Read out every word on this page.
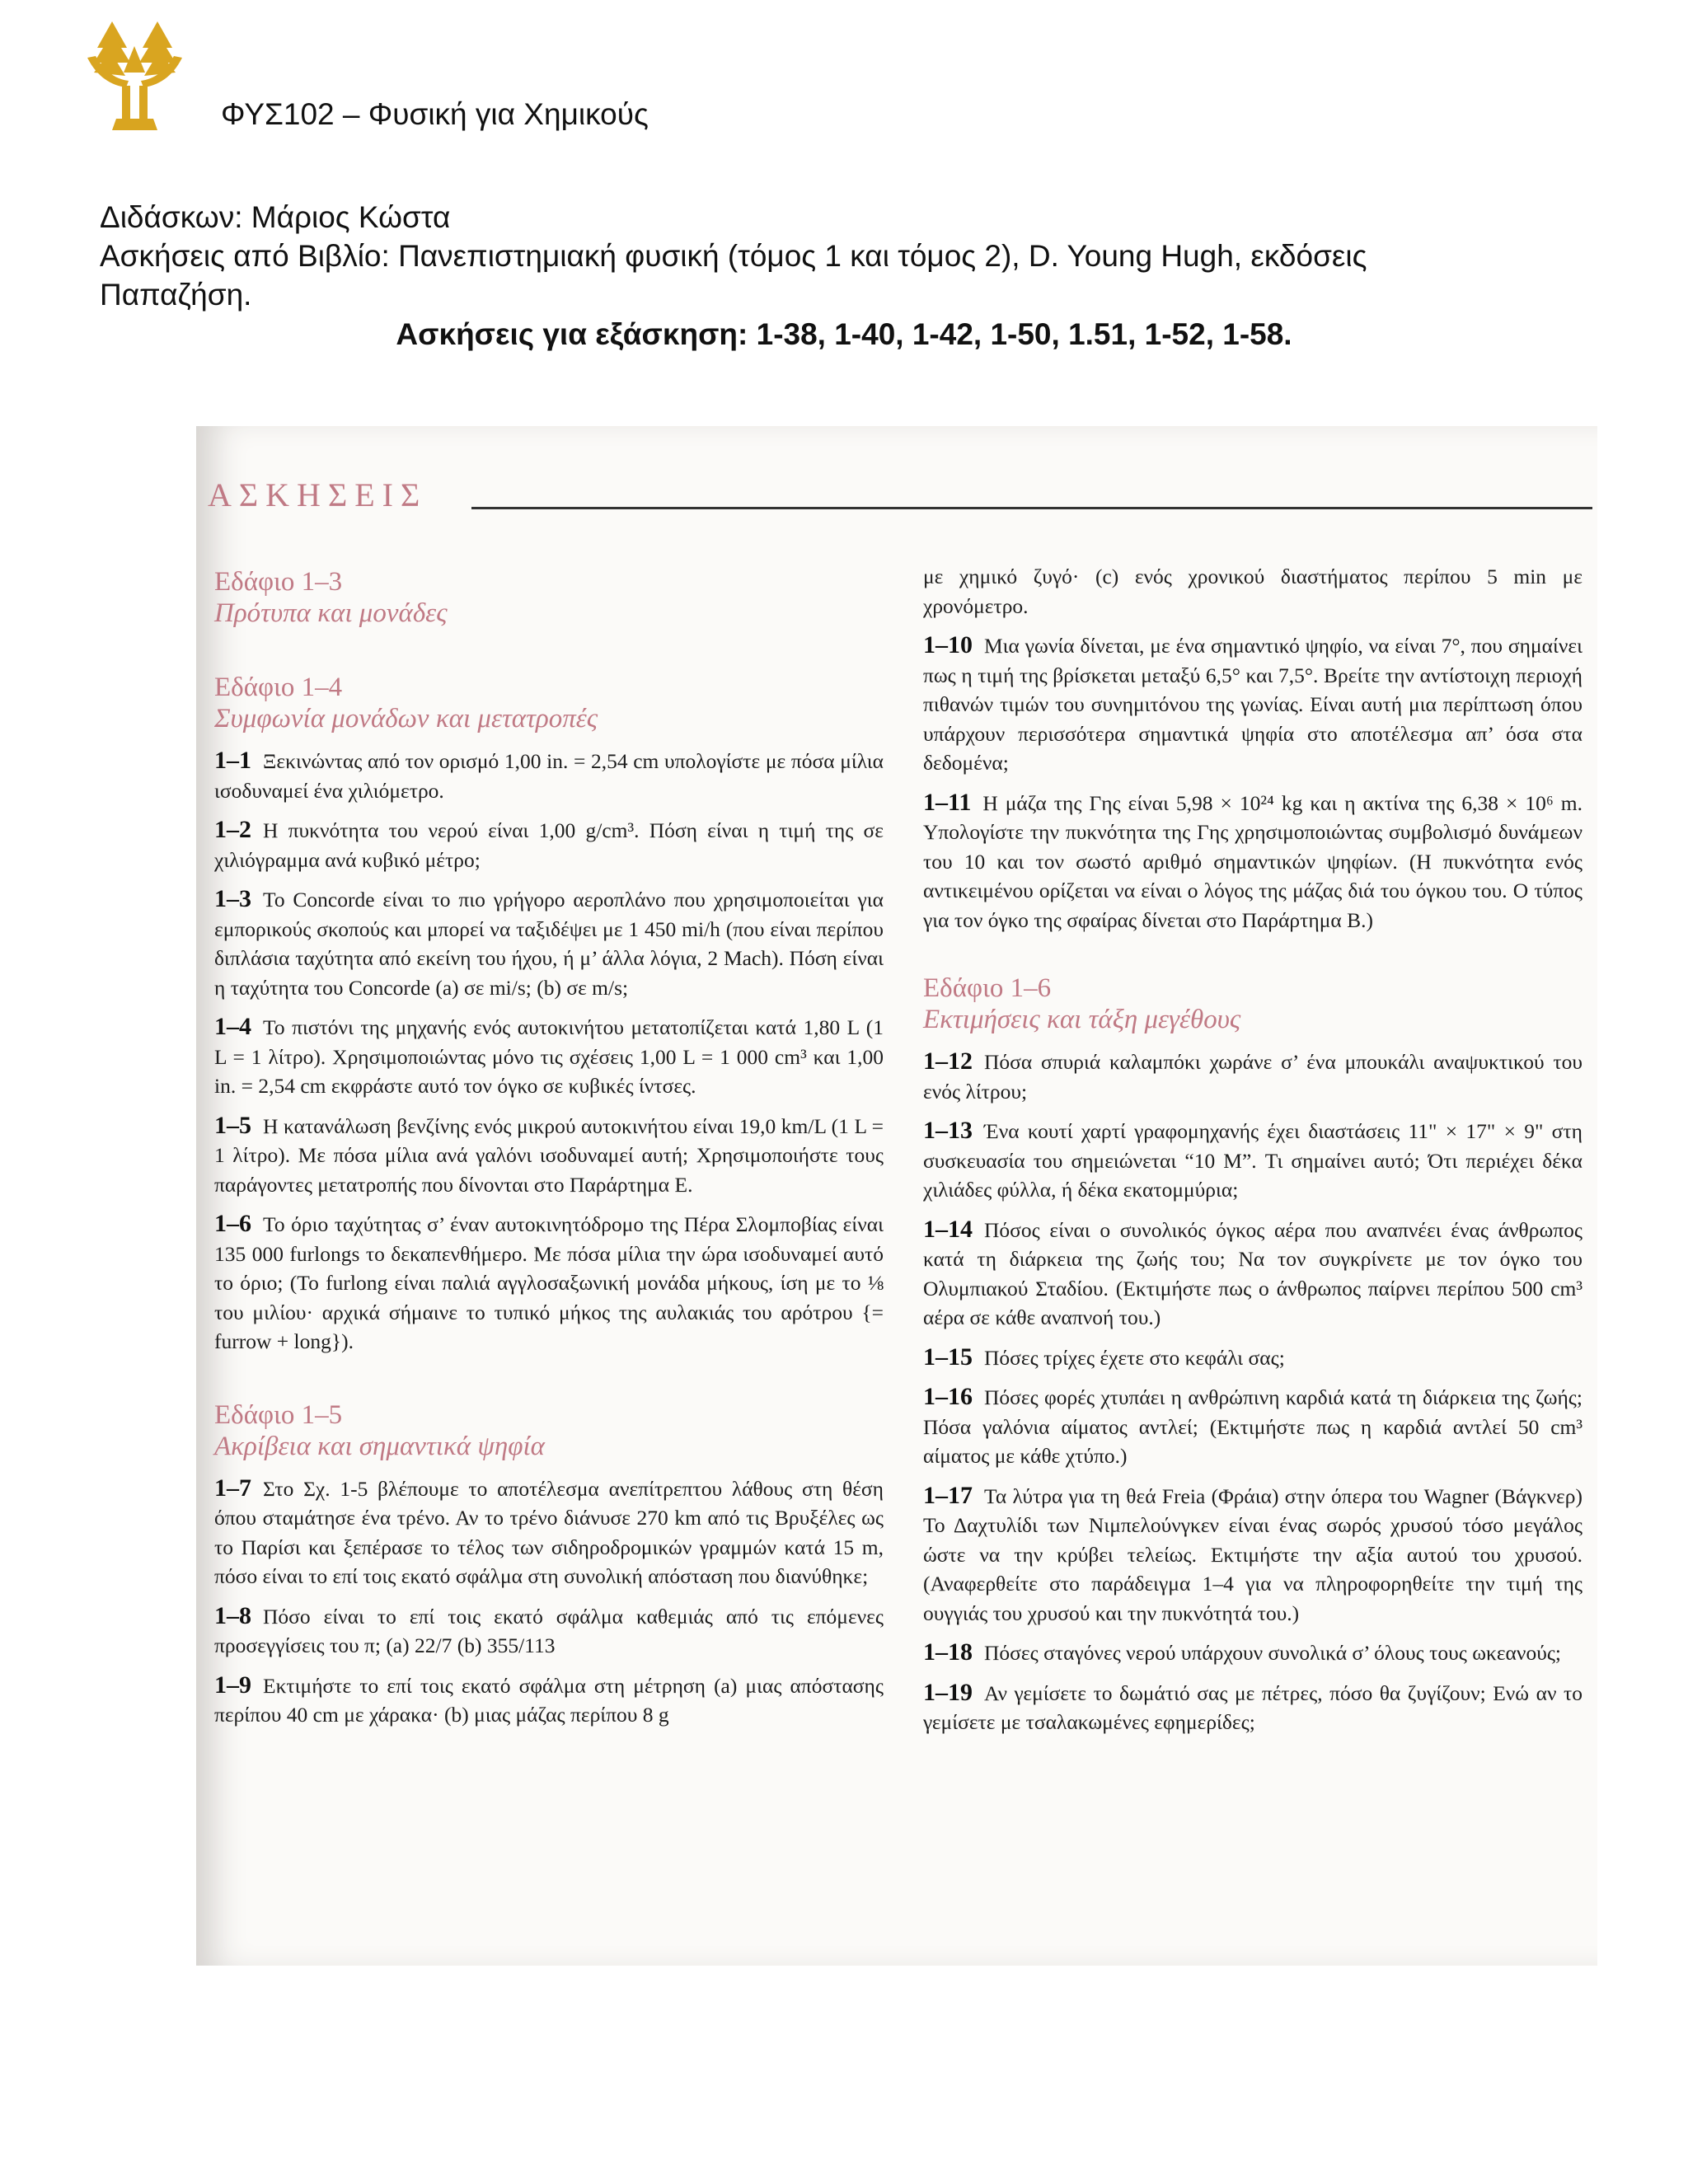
ΦΥΣ102 – Φυσική για Χημικούς
Διδάσκων: Μάριος Κώστα
Ασκήσεις από Βιβλίο: Πανεπιστημιακή φυσική (τόμος 1 και τόμος 2), D. Young Hugh, εκδόσεις
Παπαζήση.
Ασκήσεις για εξάσκηση: 1-38, 1-40, 1-42, 1-50, 1.51, 1-52, 1-58.
ΑΣΚΗΣΕΙΣ
Εδάφιο 1–3
Πρότυπα και μονάδες
Εδάφιο 1–4
Συμφωνία μονάδων και μετατροπές
1–1 Ξεκινώντας από τον ορισμό 1,00 in. = 2,54 cm υπολογίστε με πόσα μίλια ισοδυναμεί ένα χιλιόμετρο.
1–2 Η πυκνότητα του νερού είναι 1,00 g/cm³. Πόση είναι η τιμή της σε χιλιόγραμμα ανά κυβικό μέτρο;
1–3 Το Concorde είναι το πιο γρήγορο αεροπλάνο που χρησιμοποιείται για εμπορικούς σκοπούς και μπορεί να ταξιδέψει με 1 450 mi/h (που είναι περίπου διπλάσια ταχύτητα από εκείνη του ήχου, ή μ’ άλλα λόγια, 2 Mach). Πόση είναι η ταχύτητα του Concorde (a) σε mi/s; (b) σε m/s;
1–4 Το πιστόνι της μηχανής ενός αυτοκινήτου μετατοπίζεται κατά 1,80 L (1 L = 1 λίτρο). Χρησιμοποιώντας μόνο τις σχέσεις 1,00 L = 1 000 cm³ και 1,00 in. = 2,54 cm εκφράστε αυτό τον όγκο σε κυβικές ίντσες.
1–5 Η κατανάλωση βενζίνης ενός μικρού αυτοκινήτου είναι 19,0 km/L (1 L = 1 λίτρο). Με πόσα μίλια ανά γαλόνι ισοδυναμεί αυτή; Χρησιμοποιήστε τους παράγοντες μετατροπής που δίνονται στο Παράρτημα Ε.
1–6 Το όριο ταχύτητας σ’ έναν αυτοκινητόδρομο της Πέρα Σλομποβίας είναι 135 000 furlongs το δεκαπενθήμερο. Με πόσα μίλια την ώρα ισοδυναμεί αυτό το όριο; (Το furlong είναι παλιά αγγλοσαξωνική μονάδα μήκους, ίση με το ⅛ του μιλίου· αρχικά σήμαινε το τυπικό μήκος της αυλακιάς του αρότρου {= furrow + long}).
Εδάφιο 1–5
Ακρίβεια και σημαντικά ψηφία
1–7 Στο Σχ. 1-5 βλέπουμε το αποτέλεσμα ανεπίτρεπτου λάθους στη θέση όπου σταμάτησε ένα τρένο. Αν το τρένο διάνυσε 270 km από τις Βρυξέλες ως το Παρίσι και ξεπέρασε το τέλος των σιδηροδρομικών γραμμών κατά 15 m, πόσο είναι το επί τοις εκατό σφάλμα στη συνολική απόσταση που διανύθηκε;
1–8 Πόσο είναι το επί τοις εκατό σφάλμα καθεμιάς από τις επόμενες προσεγγίσεις του π; (a) 22/7 (b) 355/113
1–9 Εκτιμήστε το επί τοις εκατό σφάλμα στη μέτρηση (a) μιας απόστασης περίπου 40 cm με χάρακα· (b) μιας μάζας περίπου 8 g
με χημικό ζυγό· (c) ενός χρονικού διαστήματος περίπου 5 min με χρονόμετρο.
1–10 Μια γωνία δίνεται, με ένα σημαντικό ψηφίο, να είναι 7°, που σημαίνει πως η τιμή της βρίσκεται μεταξύ 6,5° και 7,5°. Βρείτε την αντίστοιχη περιοχή πιθανών τιμών του συνημιτόνου της γωνίας. Είναι αυτή μια περίπτωση όπου υπάρχουν περισσότερα σημαντικά ψηφία στο αποτέλεσμα απ’ όσα στα δεδομένα;
1–11 Η μάζα της Γης είναι 5,98 × 10²⁴ kg και η ακτίνα της 6,38 × 10⁶ m. Υπολογίστε την πυκνότητα της Γης χρησιμοποιώντας συμβολισμό δυνάμεων του 10 και τον σωστό αριθμό σημαντικών ψηφίων. (Η πυκνότητα ενός αντικειμένου ορίζεται να είναι ο λόγος της μάζας διά του όγκου του. Ο τύπος για τον όγκο της σφαίρας δίνεται στο Παράρτημα Β.)
Εδάφιο 1–6
Εκτιμήσεις και τάξη μεγέθους
1–12 Πόσα σπυριά καλαμπόκι χωράνε σ’ ένα μπουκάλι αναψυκτικού του ενός λίτρου;
1–13 Ένα κουτί χαρτί γραφομηχανής έχει διαστάσεις 11" × 17" × 9" στη συσκευασία του σημειώνεται “10 M”. Τι σημαίνει αυτό; Ότι περιέχει δέκα χιλιάδες φύλλα, ή δέκα εκατομμύρια;
1–14 Πόσος είναι ο συνολικός όγκος αέρα που αναπνέει ένας άνθρωπος κατά τη διάρκεια της ζωής του; Να τον συγκρίνετε με τον όγκο του Ολυμπιακού Σταδίου. (Εκτιμήστε πως ο άνθρωπος παίρνει περίπου 500 cm³ αέρα σε κάθε αναπνοή του.)
1–15 Πόσες τρίχες έχετε στο κεφάλι σας;
1–16 Πόσες φορές χτυπάει η ανθρώπινη καρδιά κατά τη διάρκεια της ζωής; Πόσα γαλόνια αίματος αντλεί; (Εκτιμήστε πως η καρδιά αντλεί 50 cm³ αίματος με κάθε χτύπο.)
1–17 Τα λύτρα για τη θεά Freia (Φράια) στην όπερα του Wagner (Βάγκνερ) Το Δαχτυλίδι των Νιμπελούνγκεν είναι ένας σωρός χρυσού τόσο μεγάλος ώστε να την κρύβει τελείως. Εκτιμήστε την αξία αυτού του χρυσού. (Αναφερθείτε στο παράδειγμα 1–4 για να πληροφορηθείτε την τιμή της ουγγιάς του χρυσού και την πυκνότητά του.)
1–18 Πόσες σταγόνες νερού υπάρχουν συνολικά σ’ όλους τους ωκεανούς;
1–19 Αν γεμίσετε το δωμάτιό σας με πέτρες, πόσο θα ζυγίζουν; Ενώ αν το γεμίσετε με τσαλακωμένες εφημερίδες;
